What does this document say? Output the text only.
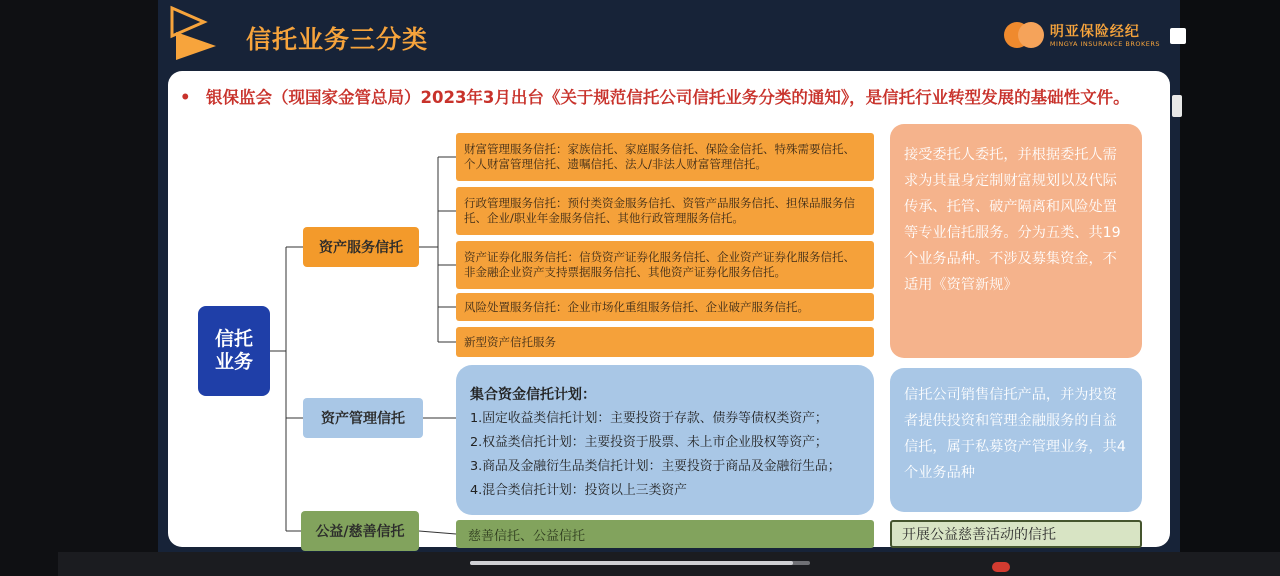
信托业务三分类	明亚保险经纪
MINGYA INSURANCE BROKERS
• 银保监会（现国家金管总局）2023年3月出台《关于规范信托公司信托业务分类的通知》，是信托行业转型发展的基础性文件。
信托业务
资产服务信托
资产管理信托
公益/慈善信托
财富管理服务信托：家族信托、家庭服务信托、保险金信托、特殊需要信托、个人财富管理信托、遗嘱信托、法人/非法人财富管理信托。
行政管理服务信托：预付类资金服务信托、资管产品服务信托、担保品服务信托、企业/职业年金服务信托、其他行政管理服务信托。
资产证券化服务信托：信贷资产证券化服务信托、企业资产证券化服务信托、非金融企业资产支持票据服务信托、其他资产证券化服务信托。
风险处置服务信托：企业市场化重组服务信托、企业破产服务信托。
新型资产信托服务
集合资金信托计划：
1.固定收益类信托计划：主要投资于存款、债券等债权类资产；
2.权益类信托计划：主要投资于股票、未上市企业股权等资产；
3.商品及金融衍生品类信托计划：主要投资于商品及金融衍生品；
4.混合类信托计划：投资以上三类资产
慈善信托、公益信托
接受委托人委托，并根据委托人需求为其量身定制财富规划以及代际传承、托管、破产隔离和风险处置等专业信托服务。分为五类、共19个业务品种。不涉及募集资金，不适用《资管新规》
信托公司销售信托产品，并为投资者提供投资和管理金融服务的自益信托，属于私募资产管理业务，共4个业务品种
开展公益慈善活动的信托
